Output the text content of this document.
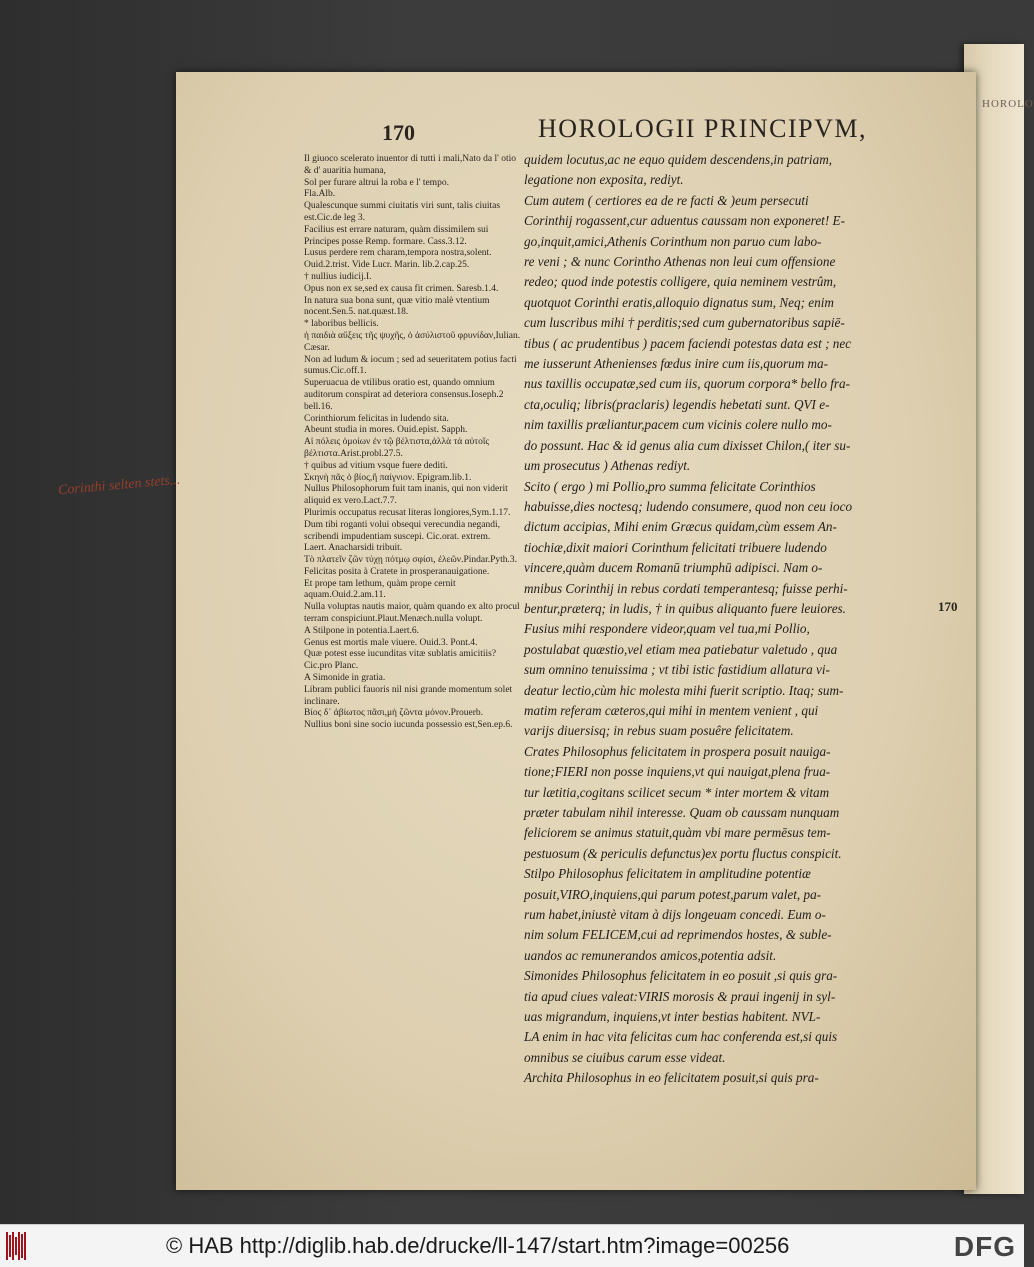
HOROLO
170	HOROLOGII PRINCIPVM,

Il giuoco scelerato inuentor di tutti i mali,Nato da l' otio & d' auaritia humana,

Sol per furare altrui la roba e l' tempo.

Fla.Alb.

Qualescunque summi ciuitatis viri sunt, talis ciuitas est.Cic.de leg 3.

Facilius est errare naturam, quàm dissimilem sui Principes posse Remp. formare. Cass.3.12.

Lusus perdere rem charam,tempora nostra,solent. Ouid.2.trist. Vide Lucr. Marin. lib.2.cap.25.

† nullius iudicij.I.

Opus non ex se,sed ex causa fit crimen. Saresb.1.4.

In natura sua bona sunt, quæ vitio malè vtentium nocent.Sen.5. nat.quæst.18.

* laboribus bellicis.

ἡ παιδιὰ αὔξεις τῆς ψυχῆς, ὁ ἀσύλιστοῦ φρυνίδαν,Iulian. Cæsar.

Non ad ludum & iocum ; sed ad seueritatem potius facti sumus.Cic.off.1.

Superuacua de vtilibus oratio est, quando omnium auditorum conspirat ad deteriora consensus.Ioseph.2 bell.16.

Corinthiorum felicitas in ludendo sita.

Abeunt studia in mores. Ouid.epist. Sapph.

Αἱ πόλεις ὁμοίων ἐν τῷ βέλτιστα,ἀλλὰ τά αὐτοῖς βέλτιστα.Arist.probl.27.5.

† quibus ad vitium vsque fuere dediti.

Σκηνὴ πᾶς ὁ βίος,ἢ παίγνιον. Epigram.lib.1.

Nullus Philosophorum fuit tam inanis, qui non viderit aliquid ex vero.Lact.7.7.

Plurimis occupatus recusat literas longiores,Sym.1.17.

Dum tibi roganti volui obsequi verecundia negandi, scribendi impudentiam suscepi. Cic.orat. extrem.

Laert. Anacharsidi tribuit.

Τὸ πλατεῖν ζῶν τύχῃ πότμῳ σφίσι, ἐλεῶν.Pindar.Pyth.3.

Felicitas posita à Cratete in prosperanauigatione.

Et prope tam lethum, quàm prope cernit aquam.Ouid.2.am.11.

Nulla voluptas nautis maior, quàm quando ex alto procul terram conspiciunt.Plaut.Menæch.nulla volupt.

A Stilpone in potentia.Laert.6.

Genus est mortis male viuere. Ouid.3. Pont.4.

Quæ potest esse iucunditas vitæ sublatis amicitiis?Cic.pro Planc.

A Simonide in gratia.

Libram publici fauoris nil nisi grande momentum solet inclinare.

Βίος δ᾽ ἀβίωτος πᾶσι,μὴ ζῶντα μόνον.Prouerb.

Nullius boni sine socio iucunda possessio est,Sen.ep.6.

quidem locutus,ac ne equo quidem descendens,in patriam,

legatione non exposita, rediyt.

Cum autem ( certiores ea de re facti & )eum persecuti

Corinthij rogassent,cur aduentus caussam non exponeret! E-

go,inquit,amici,Athenis Corinthum non paruo cum labo-

re veni ; & nunc Corintho Athenas non leui cum offensione

redeo; quod inde potestis colligere, quia neminem vestrûm,

quotquot Corinthi eratis,alloquio dignatus sum, Neq; enim

cum luscribus mihi † perditis;sed cum gubernatoribus sapiē-

tibus ( ac prudentibus ) pacem faciendi potestas data est ; nec

me iusserunt Athenienses fœdus inire cum iis,quorum ma-

nus taxillis occupatæ,sed cum iis, quorum corpora* bello fra-

cta,oculiq; libris(praclaris) legendis hebetati sunt. QVI e-

nim taxillis præliantur,pacem cum vicinis colere nullo mo-

do possunt. Hac & id genus alia cum dixisset Chilon,( iter su-

um prosecutus ) Athenas rediyt.

Scito ( ergo ) mi Pollio,pro summa felicitate Corinthios

habuisse,dies noctesq; ludendo consumere, quod non ceu ioco

dictum accipias, Mihi enim Græcus quidam,cùm essem An-

tiochiæ,dixit maiori Corinthum felicitati tribuere ludendo

vincere,quàm ducem Romanū triumphū adipisci. Nam o-

mnibus Corinthij in rebus cordati temperantesq; fuisse perhi-

bentur,præterq; in ludis, † in quibus aliquanto fuere leuiores.

Fusius mihi respondere videor,quam vel tua,mi Pollio,

postulabat quæstio,vel etiam mea patiebatur valetudo , qua

sum omnino tenuissima ; vt tibi istic fastidium allatura vi-

deatur lectio,cùm hic molesta mihi fuerit scriptio. Itaq; sum-

matim referam cæteros,qui mihi in mentem venient , qui

varijs diuersisq; in rebus suam posuêre felicitatem.

Crates Philosophus felicitatem in prospera posuit nauiga-

tione;FIERI non posse inquiens,vt qui nauigat,plena frua-

tur lætitia,cogitans scilicet secum * inter mortem & vitam

præter tabulam nihil interesse. Quam ob caussam nunquam

feliciorem se animus statuit,quàm vbi mare permēsus tem-

pestuosum (& periculis defunctus)ex portu fluctus conspicit.

Stilpo Philosophus felicitatem in amplitudine potentiæ

posuit,VIRO,inquiens,qui parum potest,parum valet, pa-

rum habet,iniustè vitam à dijs longeuam concedi. Eum o-

nim solum FELICEM,cui ad reprimendos hostes, & suble-

uandos ac remunerandos amicos,potentia adsit.

Simonides Philosophus felicitatem in eo posuit ,si quis gra-

tia apud ciues valeat:VIRIS morosis & praui ingenij in syl-

uas migrandum, inquiens,vt inter bestias habitent. NVL-

LA enim in hac vita felicitas cum hac conferenda est,si quis

omnibus se ciuibus carum esse videat.

Archita Philosophus in eo felicitatem posuit,si quis pra-

170
Corinthi selten stets...
© HAB http://diglib.hab.de/drucke/ll-147/start.htm?image=00256	DFG
